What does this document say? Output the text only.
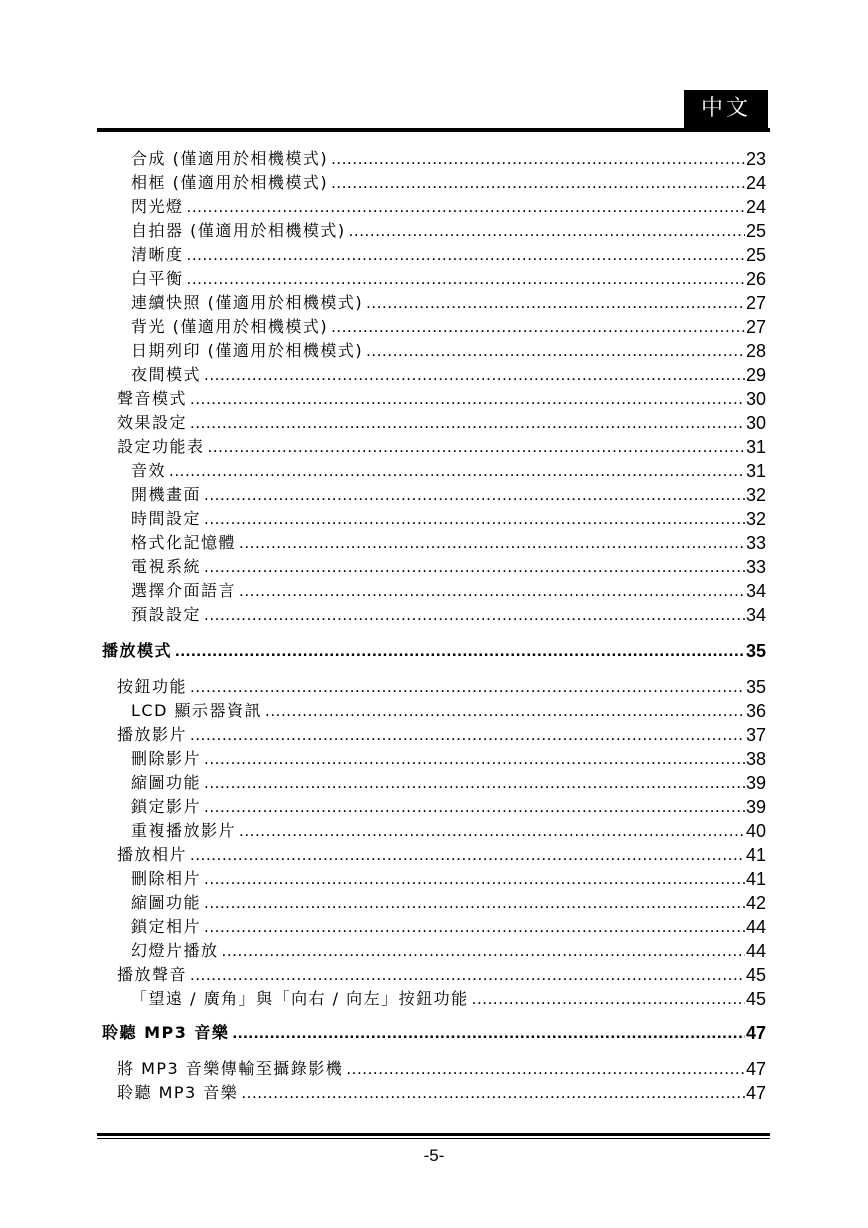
中文
合成 (僅適用於相機模式) .....	23
相框 (僅適用於相機模式) .....	24
閃光燈 .....	24
自拍器 (僅適用於相機模式) .....	25
清晰度 .....	25
白平衡 .....	26
連續快照 (僅適用於相機模式) .....	27
背光 (僅適用於相機模式) .....	27
日期列印 (僅適用於相機模式) .....	28
夜間模式 .....	29
聲音模式 .....	30
效果設定 .....	30
設定功能表 .....	31
音效 .....	31
開機畫面 .....	32
時間設定 .....	32
格式化記憶體 .....	33
電視系統 .....	33
選擇介面語言 .....	34
預設設定 .....	34
播放模式 .....	35
按鈕功能 .....	35
LCD 顯示器資訊 .....	36
播放影片 .....	37
刪除影片 .....	38
縮圖功能 .....	39
鎖定影片 .....	39
重複播放影片 .....	40
播放相片 .....	41
刪除相片 .....	41
縮圖功能 .....	42
鎖定相片 .....	44
幻燈片播放 .....	44
播放聲音 .....	45
「望遠 / 廣角」與「向右 / 向左」按鈕功能 .....	45
聆聽 MP3 音樂 .....	47
將 MP3 音樂傳輸至攝錄影機 .....	47
聆聽 MP3 音樂 .....	47
-5-
